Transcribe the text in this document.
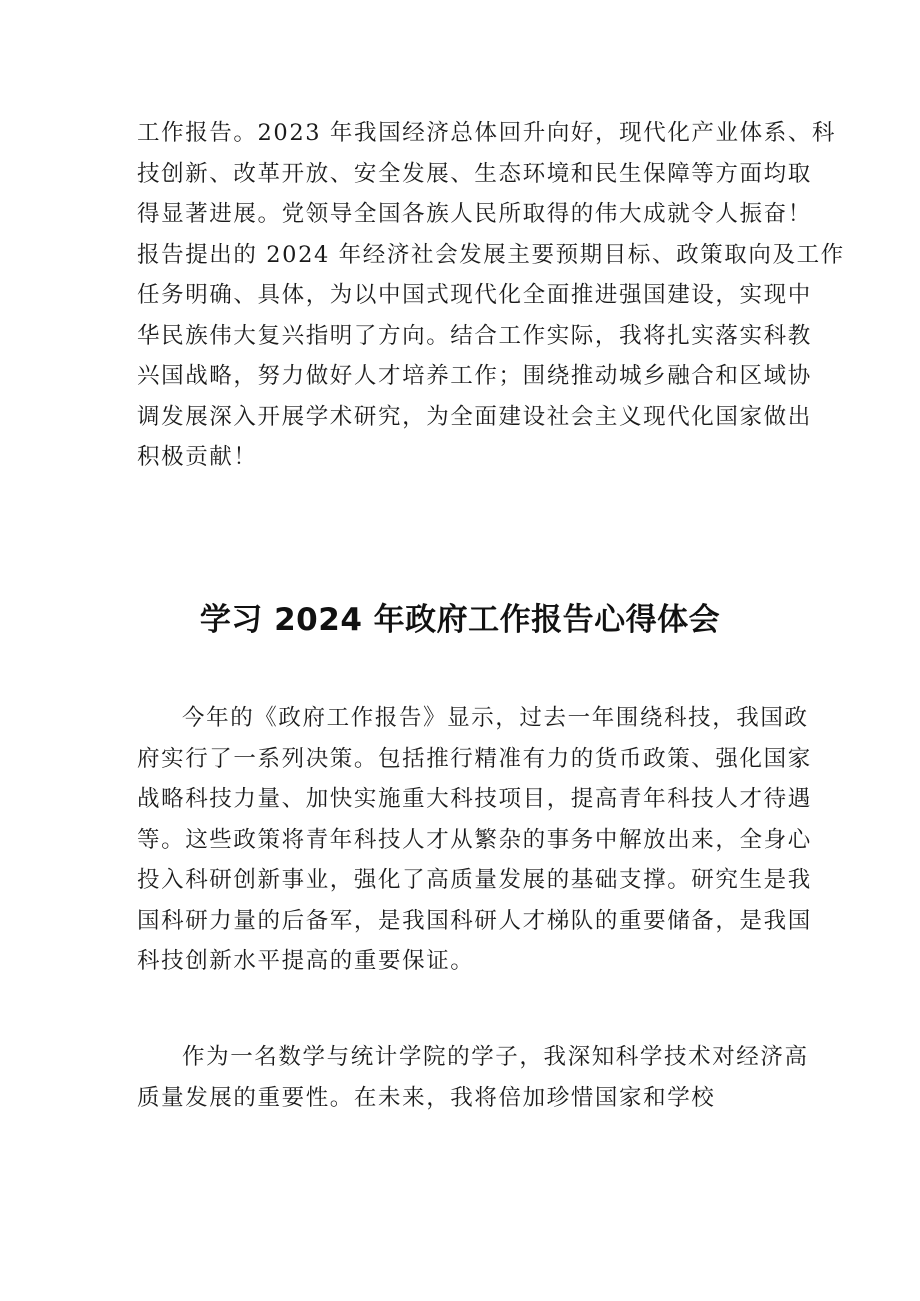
工作报告。2023 年我国经济总体回升向好，现代化产业体系、科
技创新、改革开放、安全发展、生态环境和民生保障等方面均取
得显著进展。党领导全国各族人民所取得的伟大成就令人振奋！
报告提出的 2024 年经济社会发展主要预期目标、政策取向及工作
任务明确、具体，为以中国式现代化全面推进强国建设，实现中
华民族伟大复兴指明了方向。结合工作实际，我将扎实落实科教
兴国战略，努力做好人才培养工作；围绕推动城乡融合和区域协
调发展深入开展学术研究，为全面建设社会主义现代化国家做出
积极贡献！
学习 2024 年政府工作报告心得体会
今年的《政府工作报告》显示，过去一年围绕科技，我国政
府实行了一系列决策。包括推行精准有力的货币政策、强化国家
战略科技力量、加快实施重大科技项目，提高青年科技人才待遇
等。这些政策将青年科技人才从繁杂的事务中解放出来，全身心
投入科研创新事业，强化了高质量发展的基础支撑。研究生是我
国科研力量的后备军，是我国科研人才梯队的重要储备，是我国
科技创新水平提高的重要保证。
作为一名数学与统计学院的学子，我深知科学技术对经济高
质量发展的重要性。在未来，我将倍加珍惜国家和学校
